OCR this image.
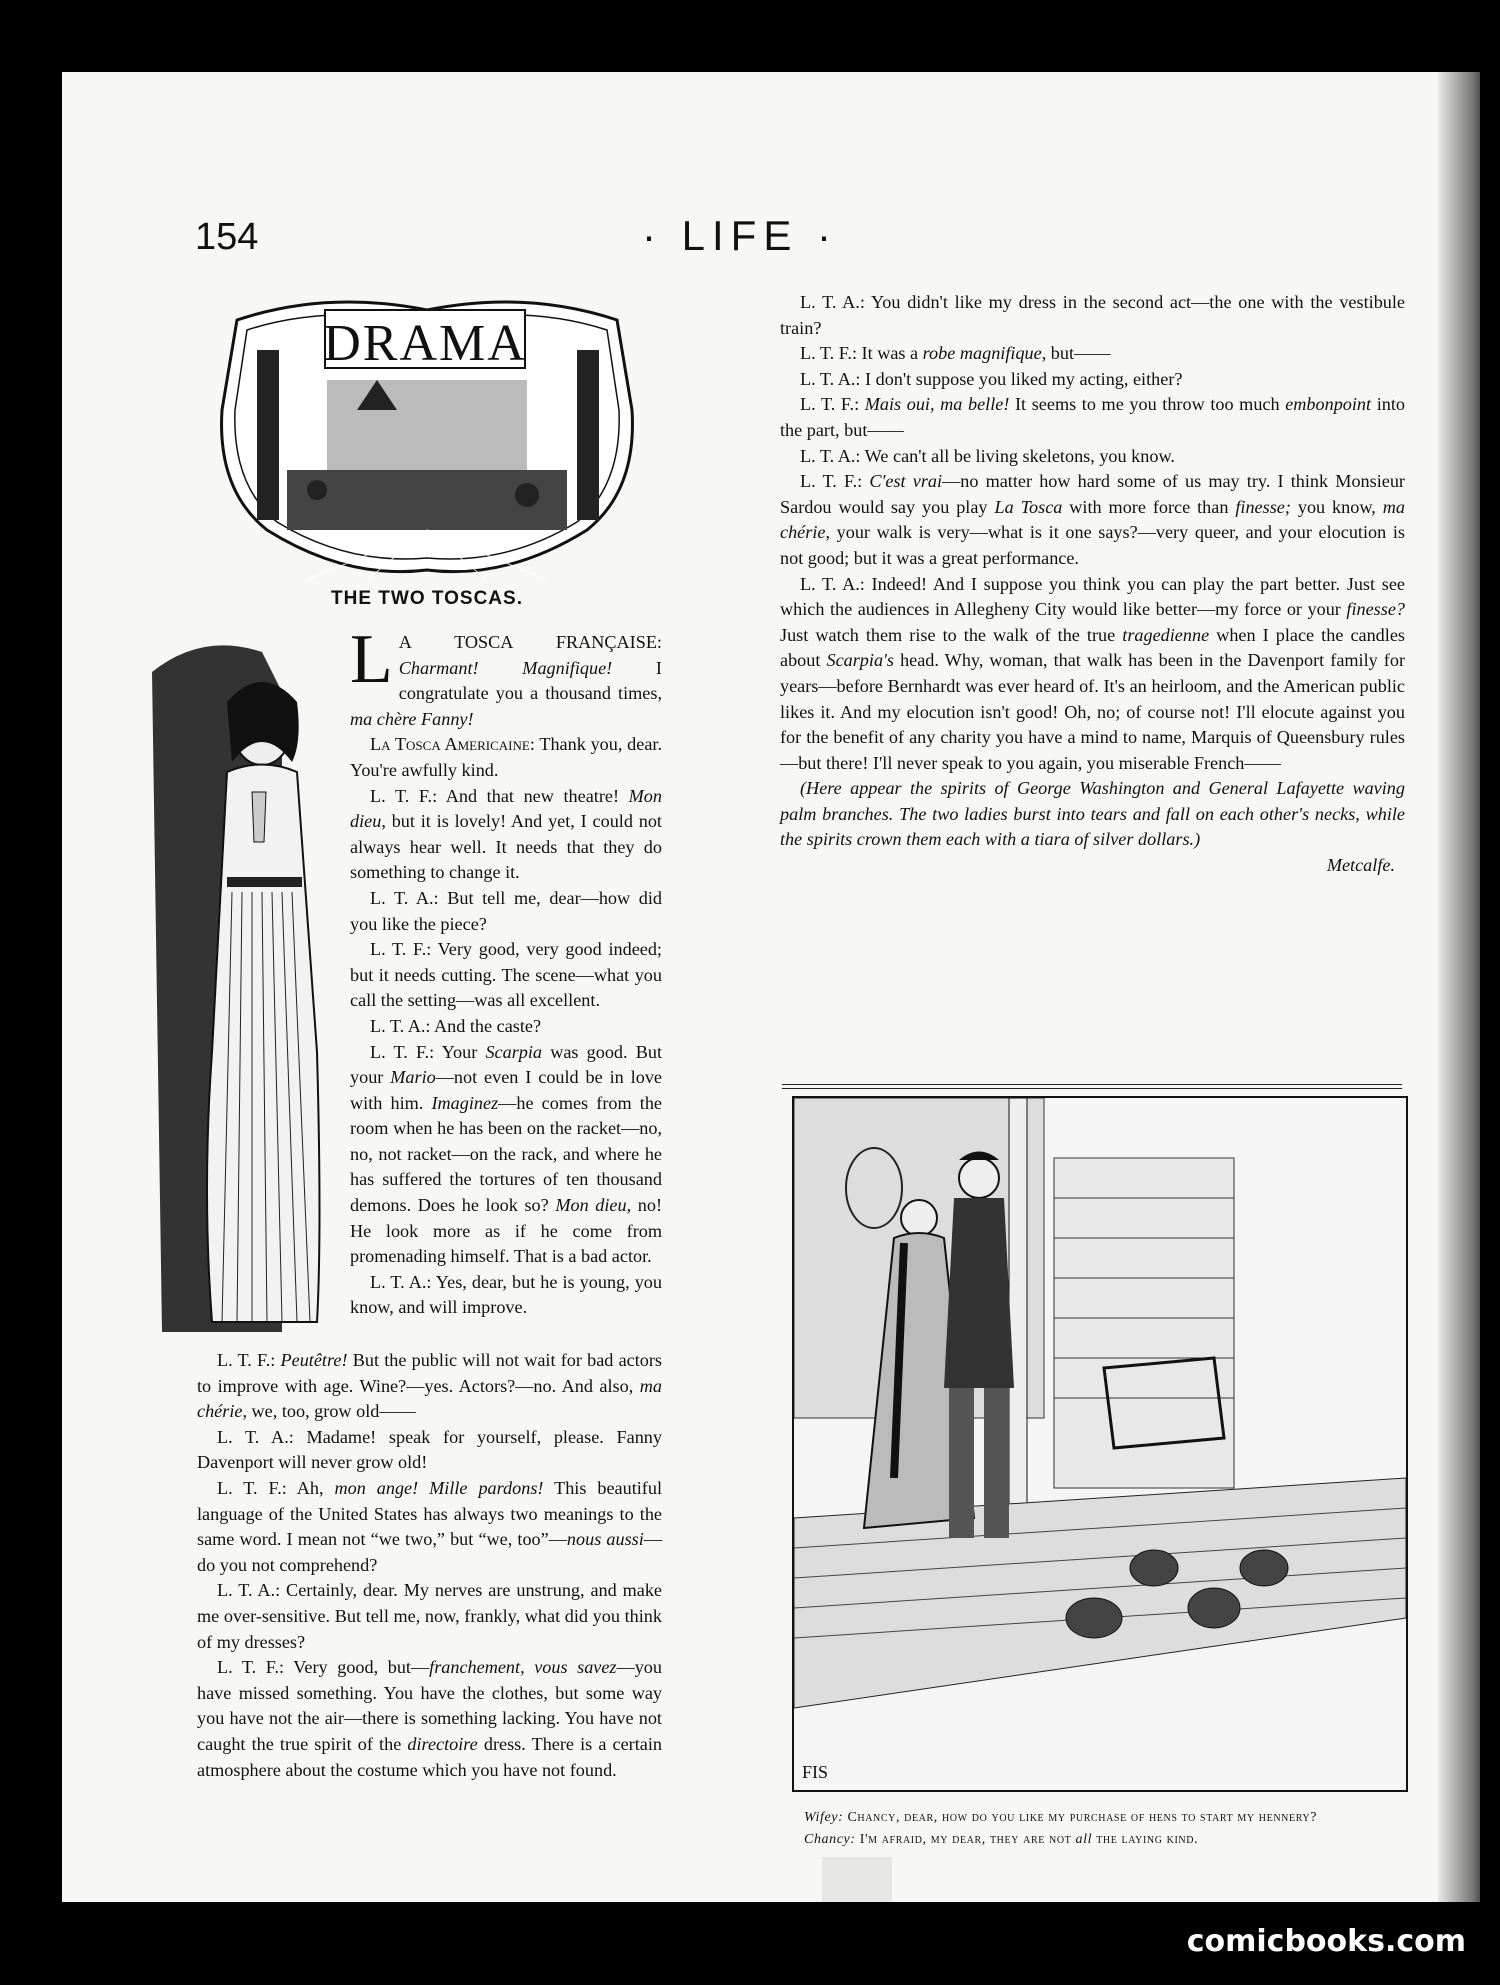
154	· LIFE ·
DRAMA
THE TWO TOSCAS.

L A TOSCA FRANÇAISE: Charmant! Magnifique! I congratulate you a thousand times, ma chère Fanny!

La Tosca Americaine: Thank you, dear. You're awfully kind.

L. T. F.: And that new theatre! Mon dieu, but it is lovely! And yet, I could not always hear well. It needs that they do something to change it.

L. T. A.: But tell me, dear—how did you like the piece?

L. T. F.: Very good, very good indeed; but it needs cutting. The scene—what you call the setting—was all excellent.

L. T. A.: And the caste?

L. T. F.: Your Scarpia was good. But your Mario—not even I could be in love with him. Imaginez—he comes from the room when he has been on the racket—no, no, not racket—on the rack, and where he has suffered the tortures of ten thousand demons. Does he look so? Mon dieu, no! He look more as if he come from promenading himself. That is a bad actor.

L. T. A.: Yes, dear, but he is young, you know, and will improve.

L. T. F.: Peutêtre! But the public will not wait for bad actors to improve with age. Wine?—yes. Actors?—no. And also, ma chérie, we, too, grow old——

L. T. A.: Madame! speak for yourself, please. Fanny Davenport will never grow old!

L. T. F.: Ah, mon ange! Mille pardons! This beautiful language of the United States has always two meanings to the same word. I mean not “we two,” but “we, too”—nous aussi—do you not comprehend?

L. T. A.: Certainly, dear. My nerves are unstrung, and make me over-sensitive. But tell me, now, frankly, what did you think of my dresses?

L. T. F.: Very good, but—franchement, vous savez—you have missed something. You have the clothes, but some way you have not the air—there is something lacking. You have not caught the true spirit of the directoire dress. There is a certain atmosphere about the costume which you have not found.

L. T. A.: You didn't like my dress in the second act—the one with the vestibule train?

L. T. F.: It was a robe magnifique, but——

L. T. A.: I don't suppose you liked my acting, either?

L. T. F.: Mais oui, ma belle! It seems to me you throw too much embonpoint into the part, but——

L. T. A.: We can't all be living skeletons, you know.

L. T. F.: C'est vrai—no matter how hard some of us may try. I think Monsieur Sardou would say you play La Tosca with more force than finesse; you know, ma chérie, your walk is very—what is it one says?—very queer, and your elocution is not good; but it was a great performance.

L. T. A.: Indeed! And I suppose you think you can play the part better. Just see which the audiences in Allegheny City would like better—my force or your finesse? Just watch them rise to the walk of the true tragedienne when I place the candles about Scarpia's head. Why, woman, that walk has been in the Davenport family for years—before Bernhardt was ever heard of. It's an heirloom, and the American public likes it. And my elocution isn't good! Oh, no; of course not! I'll elocute against you for the benefit of any charity you have a mind to name, Marquis of Queensbury rules—but there! I'll never speak to you again, you miserable French——

(Here appear the spirits of George Washington and General Lafayette waving palm branches. The two ladies burst into tears and fall on each other's necks, while the spirits crown them each with a tiara of silver dollars.)

Metcalfe.

FIS

Wifey: Chancy, dear, how do you like my purchase of hens to start my hennery?

Chancy: I'm afraid, my dear, they are not all the laying kind.

comicbooks.com
